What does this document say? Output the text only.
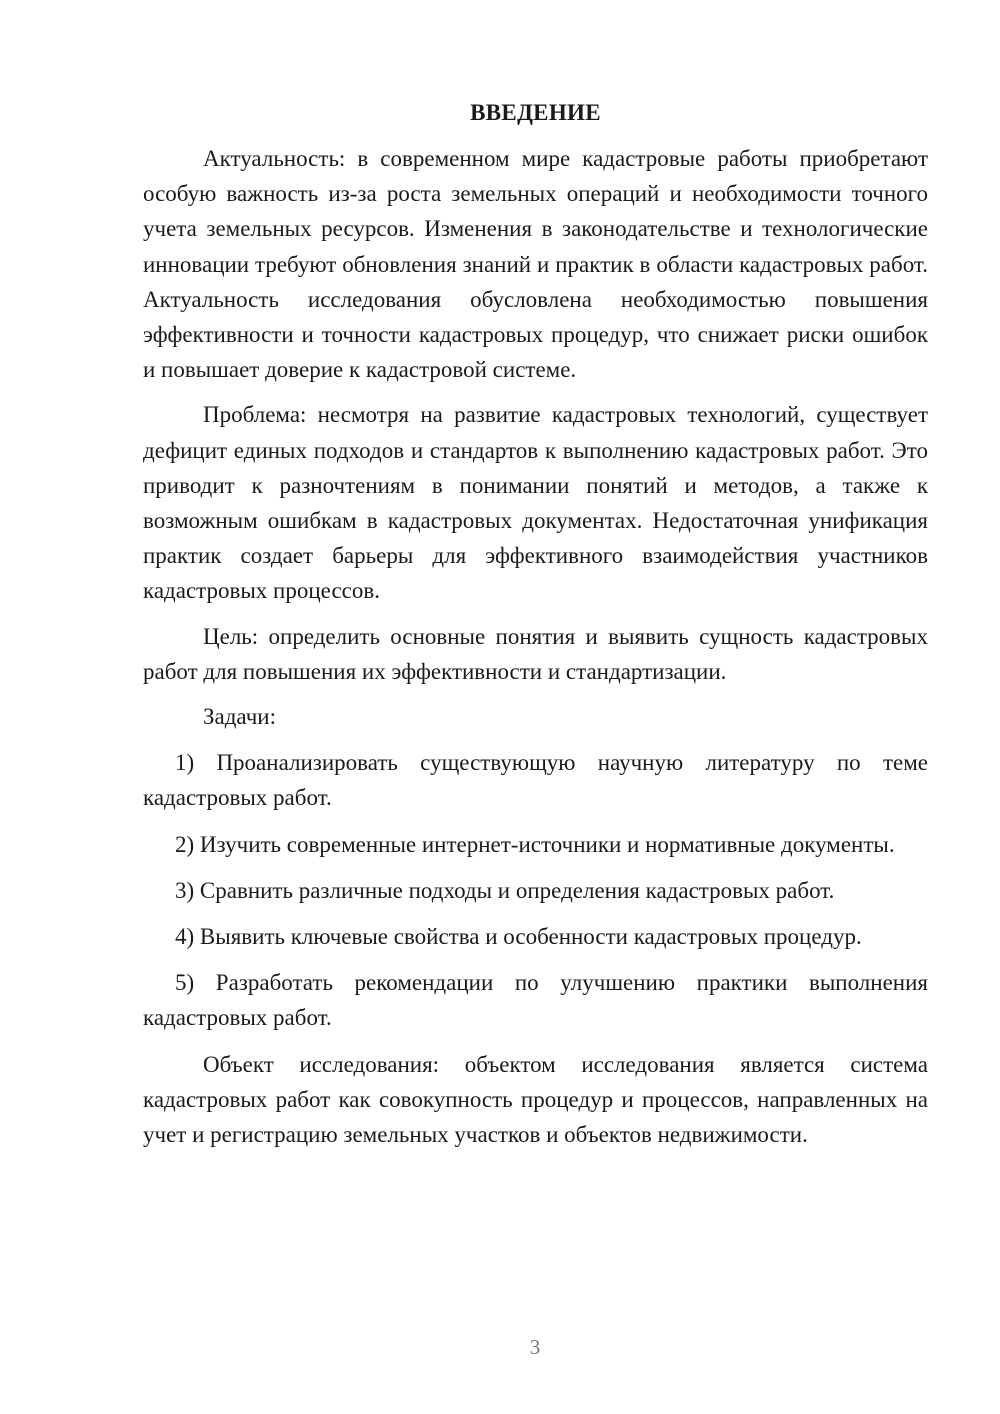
ВВЕДЕНИЕ

Актуальность: в современном мире кадастровые работы приобретают особую важность из-за роста земельных операций и необходимости точного учета земельных ресурсов. Изменения в законодательстве и технологические инновации требуют обновления знаний и практик в области кадастровых работ. Актуальность исследования обусловлена необходимостью повышения эффективности и точности кадастровых процедур, что снижает риски ошибок и повышает доверие к кадастровой системе.

Проблема: несмотря на развитие кадастровых технологий, существует дефицит единых подходов и стандартов к выполнению кадастровых работ. Это приводит к разночтениям в понимании понятий и методов, а также к возможным ошибкам в кадастровых документах. Недостаточная унификация практик создает барьеры для эффективного взаимодействия участников кадастровых процессов.

Цель: определить основные понятия и выявить сущность кадастровых работ для повышения их эффективности и стандартизации.

Задачи:

1) Проанализировать существующую научную литературу по теме кадастровых работ.

2) Изучить современные интернет-источники и нормативные документы.

3) Сравнить различные подходы и определения кадастровых работ.

4) Выявить ключевые свойства и особенности кадастровых процедур.

5) Разработать рекомендации по улучшению практики выполнения кадастровых работ.

Объект исследования: объектом исследования является система кадастровых работ как совокупность процедур и процессов, направленных на учет и регистрацию земельных участков и объектов недвижимости.

3
